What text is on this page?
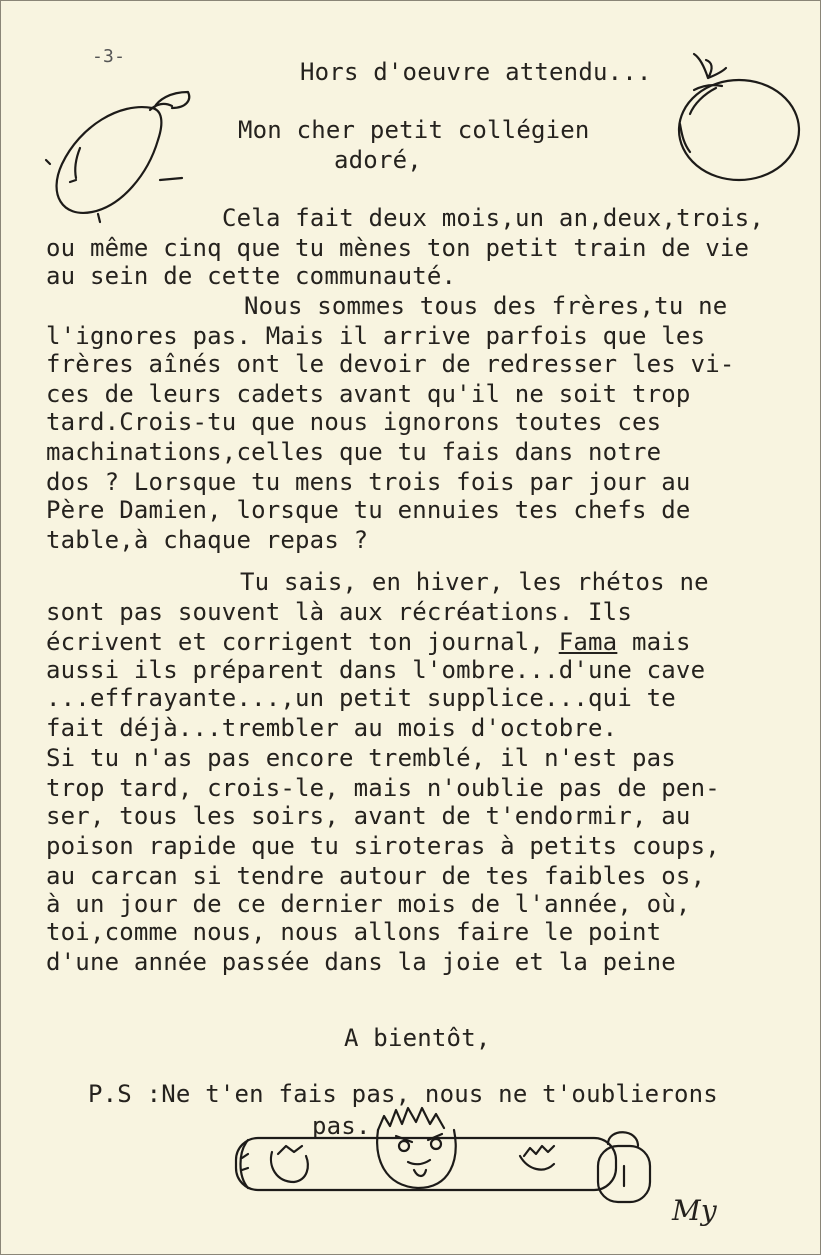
-3-
Hors d'oeuvre attendu...
Mon cher petit collégien
adoré,
Cela fait deux mois,un an,deux,trois,
ou même cinq que tu mènes ton petit train de vie
au sein de cette communauté.
Nous sommes tous des frères,tu ne
l'ignores pas. Mais il arrive parfois que les
frères aînés ont le devoir de redresser les vi-
ces de leurs cadets avant qu'il ne soit trop
tard.Crois-tu que nous ignorons toutes ces
machinations,celles que tu fais dans notre
dos ? Lorsque tu mens trois fois par jour au
Père Damien, lorsque tu ennuies tes chefs de
table,à chaque repas ?
Tu sais, en hiver, les rhétos ne
sont pas souvent là aux récréations. Ils
écrivent et corrigent ton journal, Fama mais
aussi ils préparent dans l'ombre...d'une cave
...effrayante...,un petit supplice...qui te
fait déjà...trembler au mois d'octobre.
Si tu n'as pas encore tremblé, il n'est pas
trop tard, crois-le, mais n'oublie pas de pen-
ser, tous les soirs, avant de t'endormir, au
poison rapide que tu siroteras à petits coups,
au carcan si tendre autour de tes faibles os,
à un jour de ce dernier mois de l'année, où,
toi,comme nous, nous allons faire le point
d'une année passée dans la joie et la peine
A bientôt,
P.S :Ne t'en fais pas, nous ne t'oublierons
pas.
My
